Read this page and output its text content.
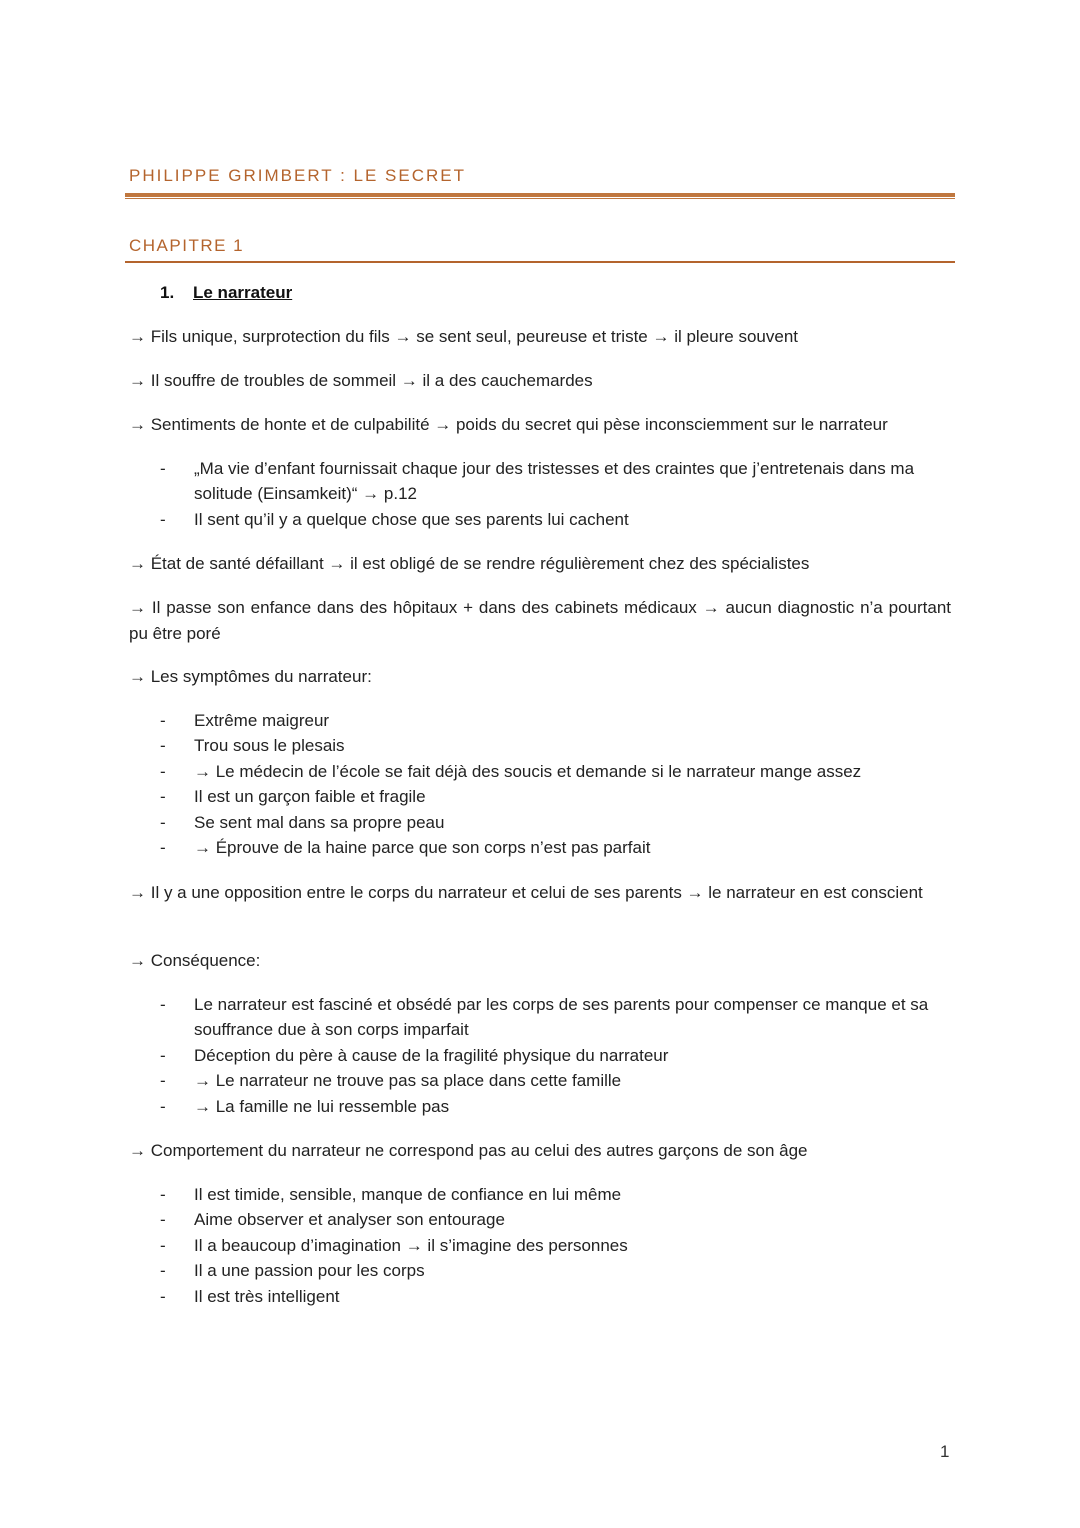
PHILIPPE GRIMBERT : LE SECRET
CHAPITRE 1
1. Le narrateur
→ Fils unique, surprotection du fils → se sent seul, peureuse et triste → il pleure souvent
→ Il souffre de troubles de sommeil → il a des cauchemardes
→ Sentiments de honte et de culpabilité → poids du secret qui pèse inconsciemment sur le narrateur
-	„Ma vie d’enfant fournissait chaque jour des tristesses et des craintes que j’entretenais dans ma solitude (Einsamkeit)“ → p.12
-	Il sent qu’il y a quelque chose que ses parents lui cachent
→ État de santé défaillant → il est obligé de se rendre régulièrement chez des spécialistes
→ Il passe son enfance dans des hôpitaux + dans des cabinets médicaux → aucun diagnostic n’a pourtant pu être poré
→ Les symptômes du narrateur:
-	Extrême maigreur
-	Trou sous le plesais
-	→ Le médecin de l’école se fait déjà des soucis et demande si le narrateur mange assez
-	Il est un garçon faible et fragile
-	Se sent mal dans sa propre peau
-	→ Éprouve de la haine parce que son corps n’est pas parfait
→ Il y a une opposition entre le corps du narrateur et celui de ses parents → le narrateur en est conscient
→ Conséquence:
-	Le narrateur est fasciné et obsédé par les corps de ses parents pour compenser ce manque et sa souffrance due à son corps imparfait
-	Déception du père à cause de la fragilité physique du narrateur
-	→ Le narrateur ne trouve pas sa place dans cette famille
-	→ La famille ne lui ressemble pas
→ Comportement du narrateur ne correspond pas au celui des autres garçons de son âge
-	Il est timide, sensible, manque de confiance en lui même
-	Aime observer et analyser son entourage
-	Il a beaucoup d’imagination → il s’imagine des personnes
-	Il a une passion pour les corps
-	Il est très intelligent
1
